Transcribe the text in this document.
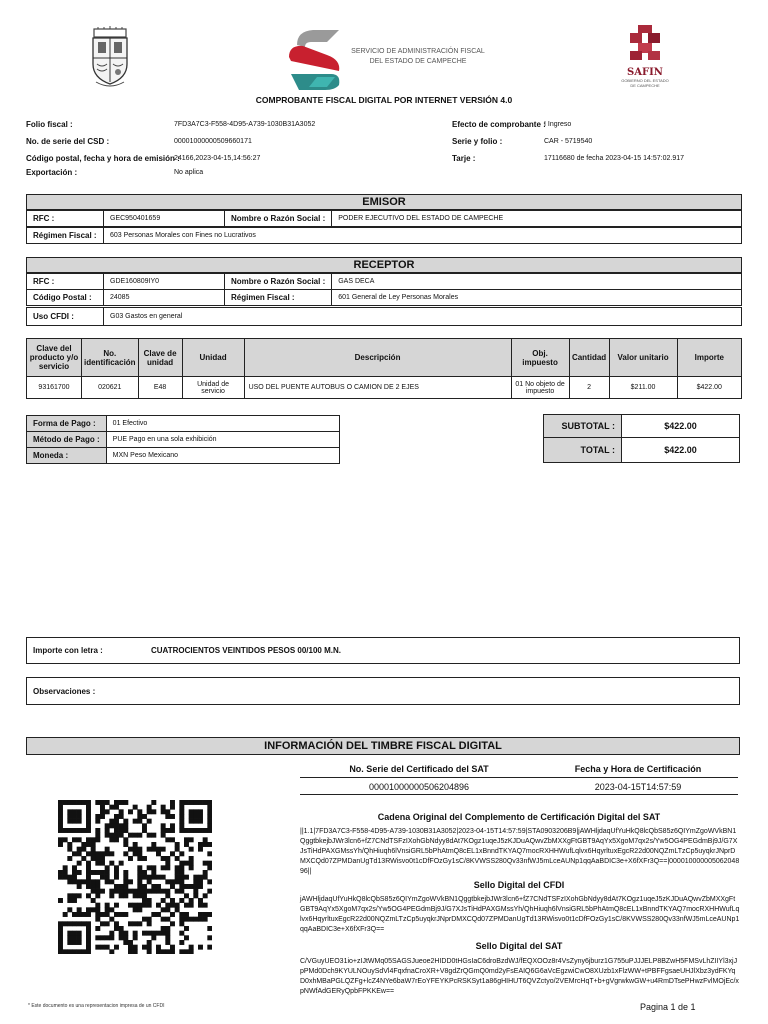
SERVICIO DE ADMINISTRACIÓN FISCAL
DEL ESTADO DE CAMPECHE
SAFIN
GOBIERNO DEL ESTADO DE CAMPECHE
COMPROBANTE FISCAL DIGITAL POR INTERNET VERSIÓN 4.0
Folio fiscal :	7FD3A7C3-F558-4D95-A739-1030B31A3052
No. de serie del CSD :	00001000000509660171
Código postal, fecha y hora de emisión :
24166,2023-04-15,14:56:27
Exportación :	No aplica
Efecto de comprobante :
I Ingreso
Serie y folio :	CAR - 5719540
Tarje :	17116680 de fecha 2023-04-15 14:57:02.917
EMISOR
RFC :	GEC950401659	Nombre o Razón Social :	PODER EJECUTIVO DEL ESTADO DE CAMPECHE
Régimen Fiscal :	603 Personas Morales con Fines no Lucrativos
RECEPTOR
RFC :	GDE160809IY0	Nombre o Razón Social :	GAS DECA
Código Postal :	24085	Régimen Fiscal :	601 General de Ley Personas Morales
Uso CFDI :	G03 Gastos en general
Clave del producto y/o servicio	No. identificación	Clave de unidad	Unidad	Descripción	Obj. impuesto	Cantidad	Valor unitario	Importe
93161700	020621	E48	Unidad de servicio	USO DEL PUENTE AUTOBUS O CAMION DE 2 EJES	01 No objeto de impuesto	2	$211.00	$422.00
Forma de Pago :	01 Efectivo
Método de Pago :	PUE Pago en una sola exhibición
Moneda :	MXN Peso Mexicano
SUBTOTAL :	$422.00
TOTAL :	$422.00
Importe con letra :	CUATROCIENTOS VEINTIDOS PESOS 00/100 M.N.
Observaciones :
INFORMACIÓN DEL TIMBRE FISCAL DIGITAL
No. Serie del Certificado del SAT	Fecha y Hora de Certificación
00001000000506204896	2023-04-15T14:57:59
Cadena Original del Complemento de Certificación Digital del SAT
||1.1|7FD3A7C3-F558-4D95-A739-1030B31A3052|2023-04-15T14:57:59|STA0903206B9|jAWHljdaqUfYuHkQ8lcQbS85z6QIYmZgoWVkBN1QggtbkejbJWr3lcn6+fZ7CNdTSFzIXohGbNdyy8dAt7KOgz1uqeJ5zKJDuAQwvZbMXXgFtGBT9AqYx5XgoM7qx2s/Yw5OG4PEGdmBj9J/G7XJsTiHdPAXGMssYh/QhHiuqh6lVnsiGRL5bPhAtmQ8cEL1xBnndTKYAQ7mocRXHHWufLqlvx6HqyrltuxEgcR22d00NQZmLTzCp5uyqkrJNprDMXCQd07ZPMDanUgTd13RWisvo0t1cDfFOzGy1sC/8KVWSS280Qv33nfWJ5mLceAUNp1qqAaBDIC3e+X6fXFr3Q==|00001000000506204896||
Sello Digital del CFDI
jAWHljdaqUfYuHkQ8lcQbS85z6QIYmZgoWVkBN1QggtbkejbJWr3lcn6+fZ7CNdTSFzIXohGbNdyy8dAt7KOgz1uqeJ5zKJDuAQwvZbMXXgFtGBT9AqYx5XgoM7qx2s/Yw5OG4PEGdmBj9J/G7XJsTiHdPAXGMssYh/QhHiuqh6lVnsiGRL5bPhAtmQ8cEL1xBnndTKYAQ7mocRXHHWufLqlvx6HqyrltuxEgcR22d00NQZmLTzCp5uyqkrJNprDMXCQd07ZPMDanUgTd13RWisvo0t1cDfFOzGy1sC/8KVWSS280Qv33nfWJ5mLceAUNp1qqAaBDIC3e+X6fXFr3Q==
Sello Digital del SAT
C/VGuyUEO31io+zIJtWMq05SAGSJueoe2HIDD0tHGsIaC6droBzdWJ/fEQXOOz8r4VsZyny6jburz1G755uPJJJELP8BZwH5FMSvLhZIIYl3xjJpPMd0Dch9KYULNOuySdVl4FqxfnaCroXR+V8gdZrQGmQ0md2yFsEAIQ6G6aVcEgzwiCwO8XUzb1xFlzWW+tPBFFgsaeUHJlXbz3ydFKYqD0xhMBaPGLQZFg+lcZ4NYe6baW7rEoYFEYKPcRSKSyt1a86gHIHUT6QVZctyo/2VEMrcHqT+b+gVgrwkwGW+u4RmDTsePHwzFvlMOjEc/xpNWfAdGERyQpbFPKKEw==
* Este documento es una representacion impresa de un CFDI	Pagina 1 de 1
